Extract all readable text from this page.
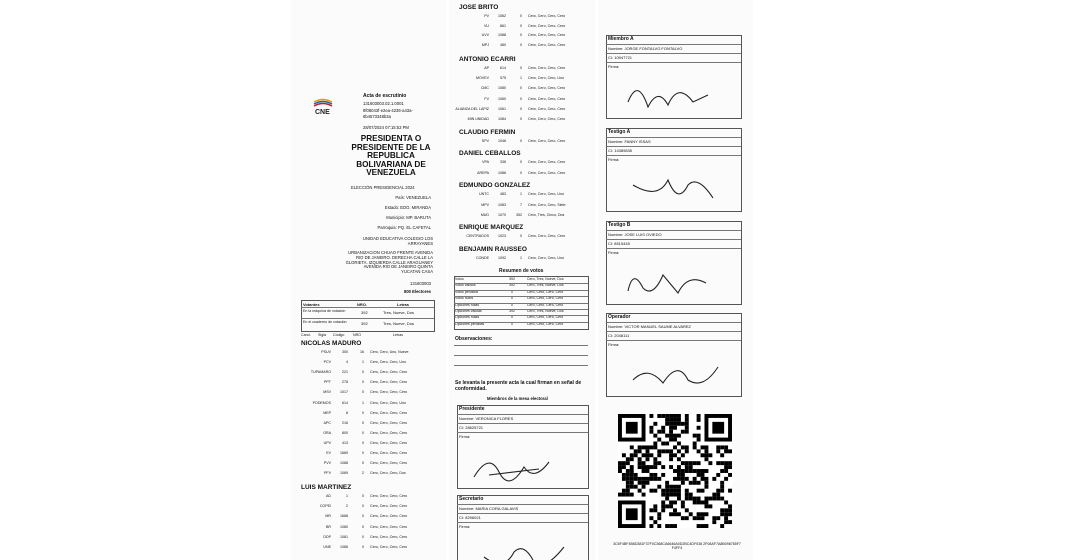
CNE
Acta de escrutinio
131603003.02.1.0001
8f08043f-e2ea-4236-a43a-
6b4573348b3a
28/07/2024 07:15:53 PM
PRESIDENTA O PRESIDENTE DE LA REPUBLICA BOLIVARIANA DE VENEZUELA
ELECCIÓN PRESIDENCIAL 2024
País: VENEZUELA
Estado: EDO. MIRANDA
Municipio: MP. BARUTA
Parroquia: PQ. EL CAFETAL
UNIDAD EDUCATIVA COLEGIO LOS ARRAYANES
URBANIZACION CHUAO FRENTE AVENIDA RIO DE JANEIRO. DERECHA CALLE LA GLORIETA. IZQUIERDA CALLE ARAGUANEY AVENIDA RIO DE JANEIRO QUINTA YUCATAN CASA
131603003
800 Electores
Votantes	NRO.	Letras
En la máquina de votación	392	Tres, Nueve, Dos
En el cuaderno de votación	392	Tres, Nueve, Dos
Cand.	Sigla	Código	NRO	Letras
NICOLAS MADURO
PSUV	300	16	Cero, Cero, Uno, Nueve
PCV	4	1	Cero, Cero, Cero, Uno
TUPAMARO	221	0	Cero, Cero, Cero, Cero
PPT	278	0	Cero, Cero, Cero, Cero
MSV	1017	0	Cero, Cero, Cero, Cero
PODEMOS	614	1	Cero, Cero, Cero, Uno
MEP	8	0	Cero, Cero, Cero, Cero
APC	216	0	Cero, Cero, Cero, Cero
ORA	800	0	Cero, Cero, Cero, Cero
UPV	413	0	Cero, Cero, Cero, Cero
EV	1669	0	Cero, Cero, Cero, Cero
PVV	1068	0	Cero, Cero, Cero, Cero
PFV	1069	2	Cero, Cero, Cero, Dos
LUIS MARTINEZ
AD	1	0	Cero, Cero, Cero, Cero
COPEI	2	0	Cero, Cero, Cero, Cero
MR	1668	0	Cero, Cero, Cero, Cero
BR	1080	0	Cero, Cero, Cero, Cero
DDP	1081	0	Cero, Cero, Cero, Cero
UNE	1066	0	Cero, Cero, Cero, Cero
JOSE BRITO
PV	1062	0	Cero, Cero, Cero, Cero
VU	861	0	Cero, Cero, Cero, Cero
UVV	1088	0	Cero, Cero, Cero, Cero
MPJ	480	0	Cero, Cero, Cero, Cero
ANTONIO ECARRI
AP	614	0	Cero, Cero, Cero, Cero
MOVEV	575	1	Cero, Cero, Cero, Uno
CMC	1080	0	Cero, Cero, Cero, Cero
FV	1060	0	Cero, Cero, Cero, Cero
ALIANZA DEL LAPIZ	1061	0	Cero, Cero, Cero, Cero
MIN UNIDAD	1084	0	Cero, Cero, Cero, Cero
CLAUDIO FERMIN
SPV	1046	0	Cero, Cero, Cero, Cero
DANIEL CEBALLOS
VPA	336	0	Cero, Cero, Cero, Cero
AREPA	1086	0	Cero, Cero, Cero, Cero
EDMUNDO GONZALEZ
UNTC	483	1	Cero, Cero, Cero, Uno
MPV	1083	7	Cero, Cero, Cero, Siete
MUD	1070	352	Cero, Tres, Cinco, Dos
ENRIQUE MARQUEZ
CENTRADOS	1023	0	Cero, Cero, Cero, Cero
BENJAMIN RAUSSEO
CONDE	1092	1	Cero, Cero, Cero, Uno
Resumen de votos
Votos	392	Cero, Tres, Nueve, Dos
Votos válidos	392	Cero, Tres, Nueve, Dos
Votos perdidos	0	Cero, Cero, Cero, Cero
Votos nulos	0	Cero, Cero, Cero, Cero
Opciones nulas	0	Cero, Cero, Cero, Cero
Opciones válidas	392	Cero, Tres, Nueve, Dos
Opciones nulas	0	Cero, Cero, Cero, Cero
Opciones perdidas	0	Cero, Cero, Cero, Cero
Observaciones:
Se levanta la presente acta la cual firman en señal de conformidad.
Miembros de la mesa electoral
Presidente
Nombre: VERONICA FLORES
CI: 28625721
Firma:
Secretario
Nombre: MARIA CORA GALAVIS
CI: 8296021
Firma:
Miembro A
Nombre: JORGE FONTALVO FONTALVO
CI: 10947721
Firma:
Testigo A
Nombre: FANNY ISSAS
CI: 14389835
Firma:
Testigo B
Nombre: JOSE LUIS OVIEDO
CI: 8515445
Firma:
Operador
Nombre: VICTOR MANUEL SAUME ALVAREZ
CI: 2048111
Firma:
3C6F4BF4B6D381F37F0C368CA6646A0D2BC4DF038 2F08AF7A8B098765F7F4FF4
